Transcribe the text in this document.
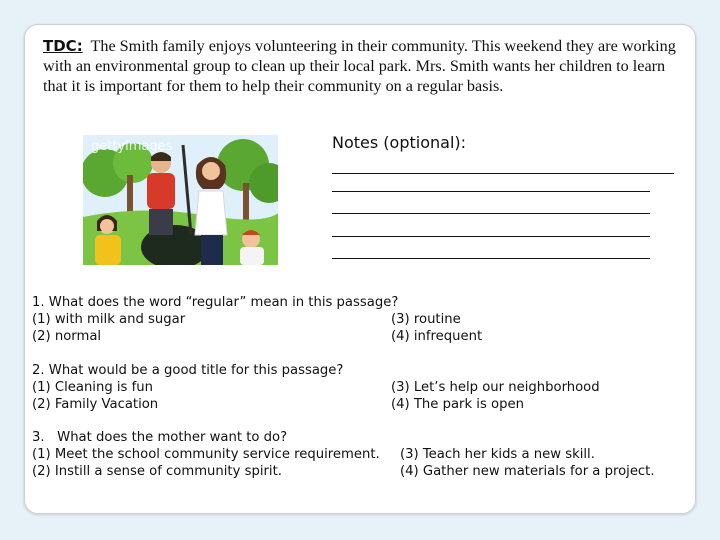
TDC: The Smith family enjoys volunteering in their community. This weekend they are working with an environmental group to clean up their local park. Mrs. Smith wants her children to learn that it is important for them to help their community on a regular basis.
gettyimages	Notes (optional):
1. What does the word “regular” mean in this passage?
(1) with milk and sugar
(2) normal
(3) routine
(4) infrequent
2. What would be a good title for this passage?
(1) Cleaning is fun
(2) Family Vacation
(3) Let’s help our neighborhood
(4) The park is open
3.   What does the mother want to do?
(1) Meet the school community service requirement.
(2) Instill a sense of community spirit.
(3) Teach her kids a new skill.
(4) Gather new materials for a project.
